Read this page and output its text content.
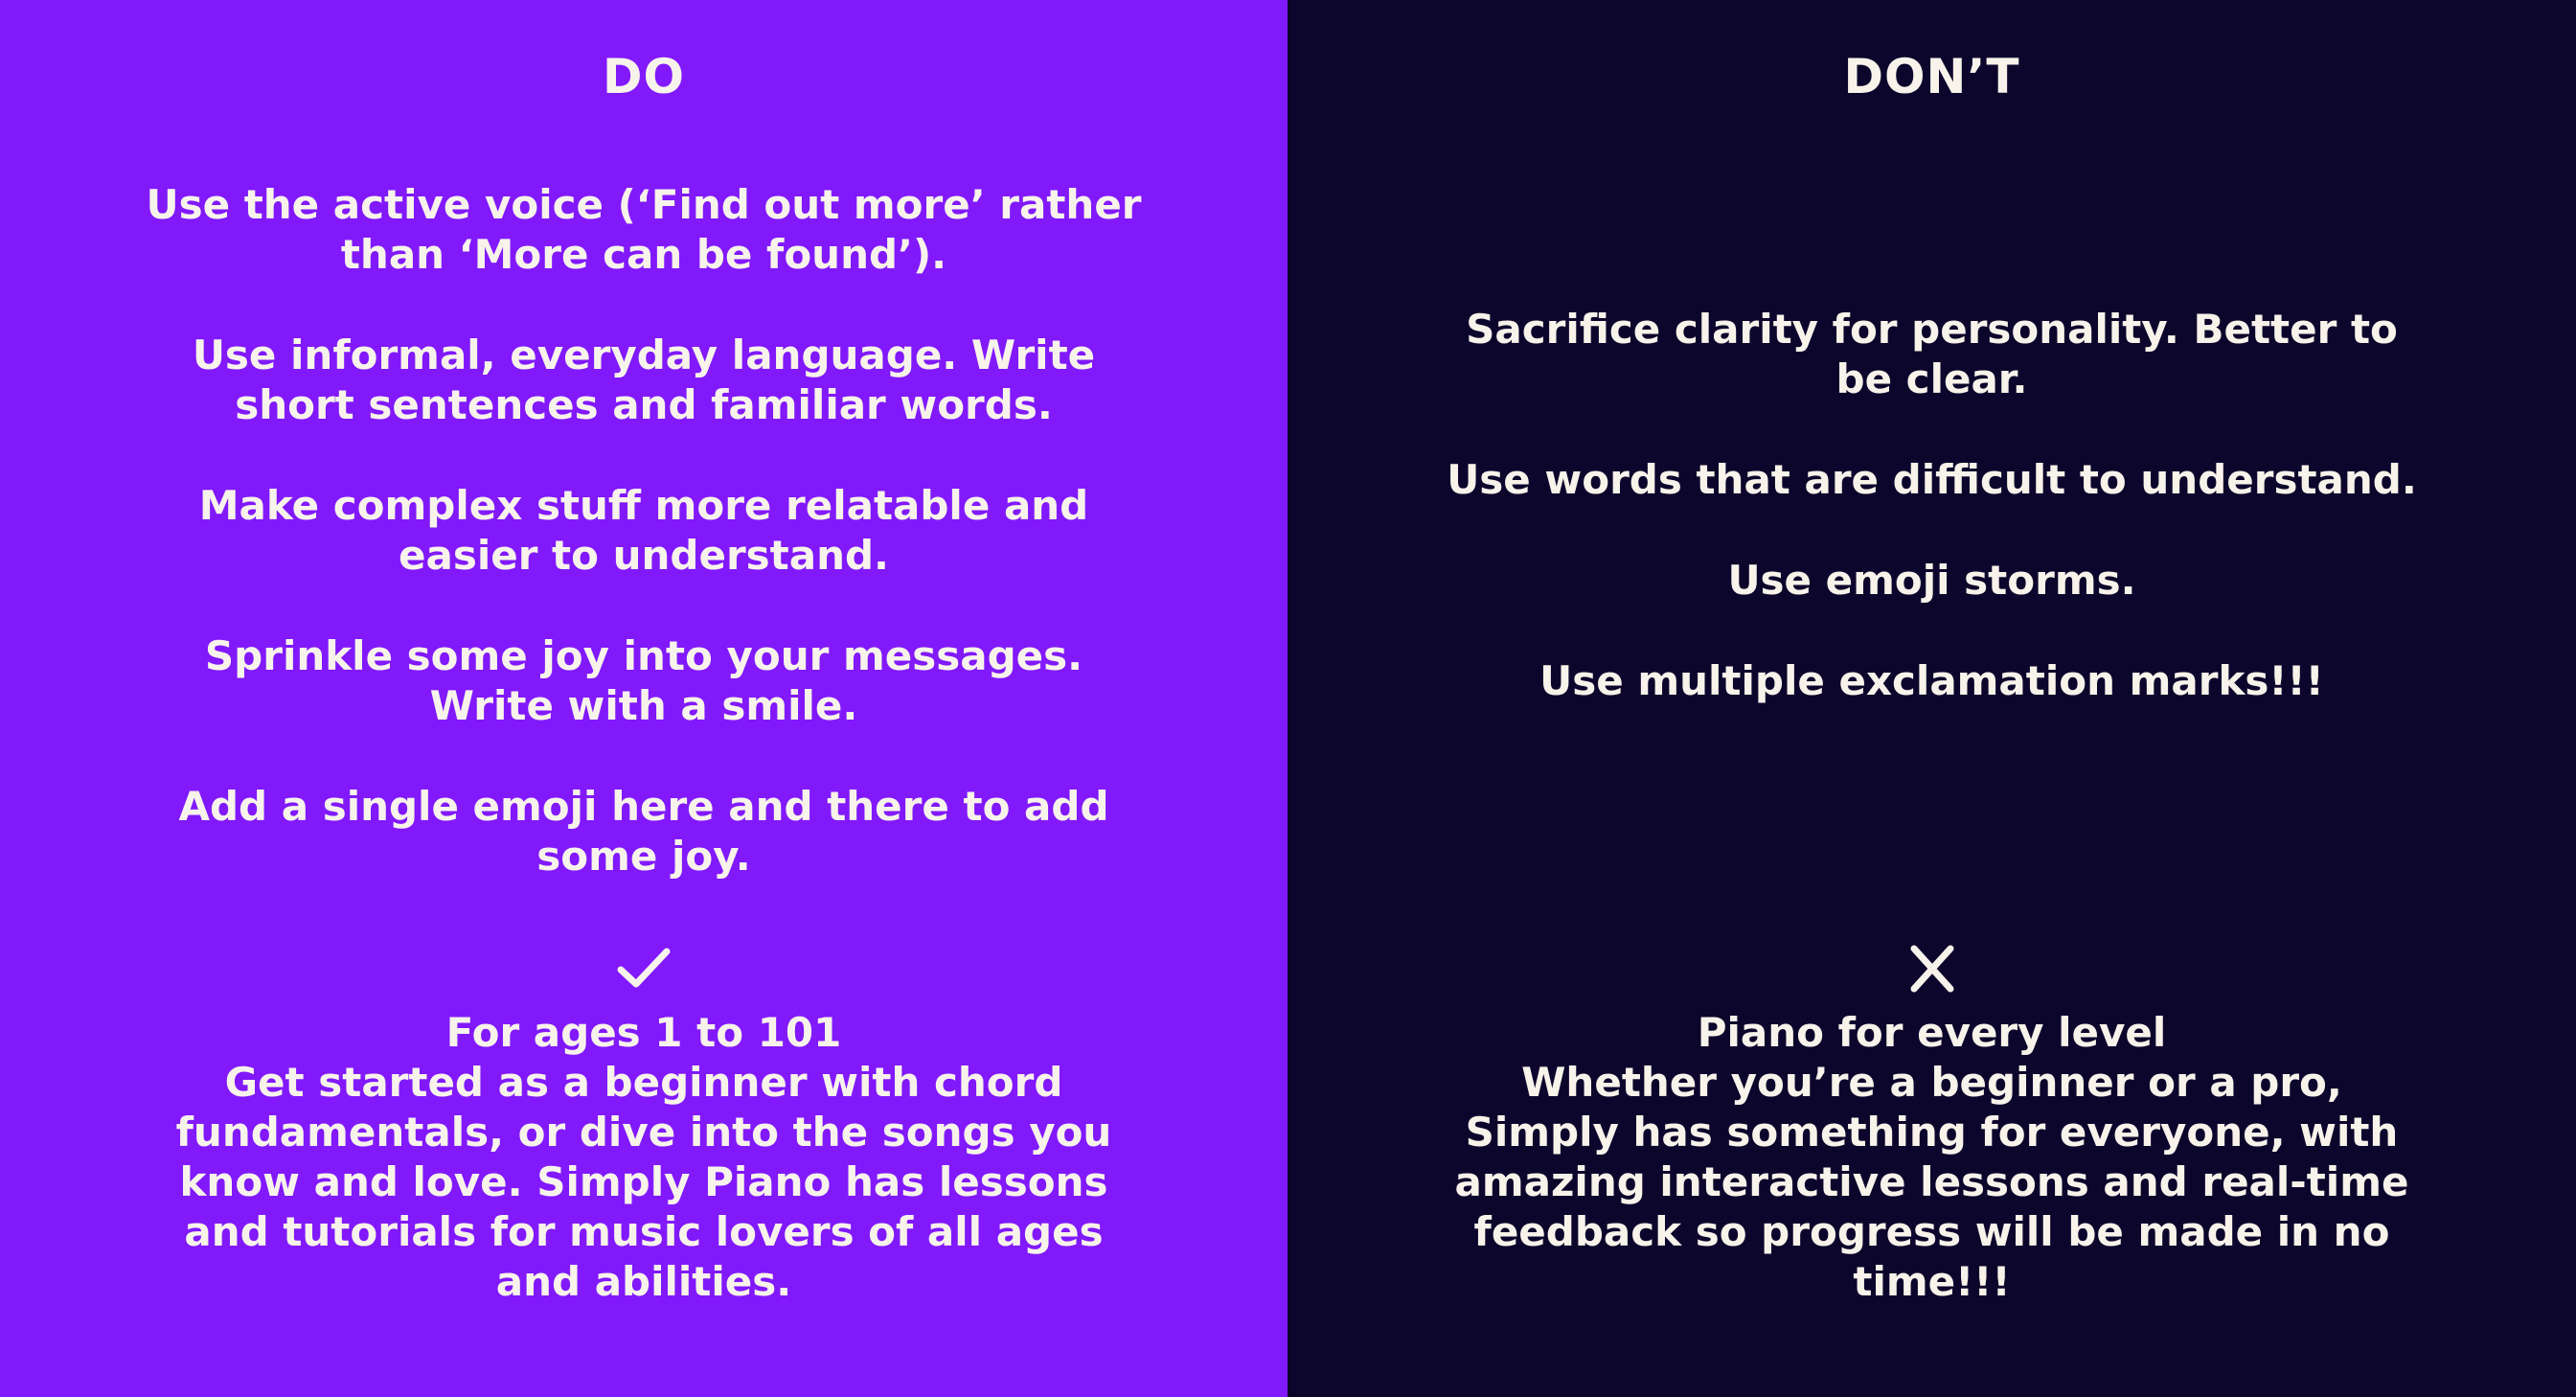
DO
Use the active voice (‘Find out more’ rather than ‘More can be found’).
Use informal, everyday language. Write short sentences and familiar words.
Make complex stuff more relatable and easier to understand.
Sprinkle some joy into your messages. Write with a smile.
Add a single emoji here and there to add some joy.
For ages 1 to 101
Get started as a beginner with chord fundamentals, or dive into the songs you know and love. Simply Piano has lessons and tutorials for music lovers of all ages and abilities.
DON’T
Sacrifice clarity for personality. Better to be clear.
Use words that are difficult to understand.
Use emoji storms.
Use multiple exclamation marks!!!
Piano for every level
Whether you’re a beginner or a pro, Simply has something for everyone, with amazing interactive lessons and real-time feedback so progress will be made in no time!!!
